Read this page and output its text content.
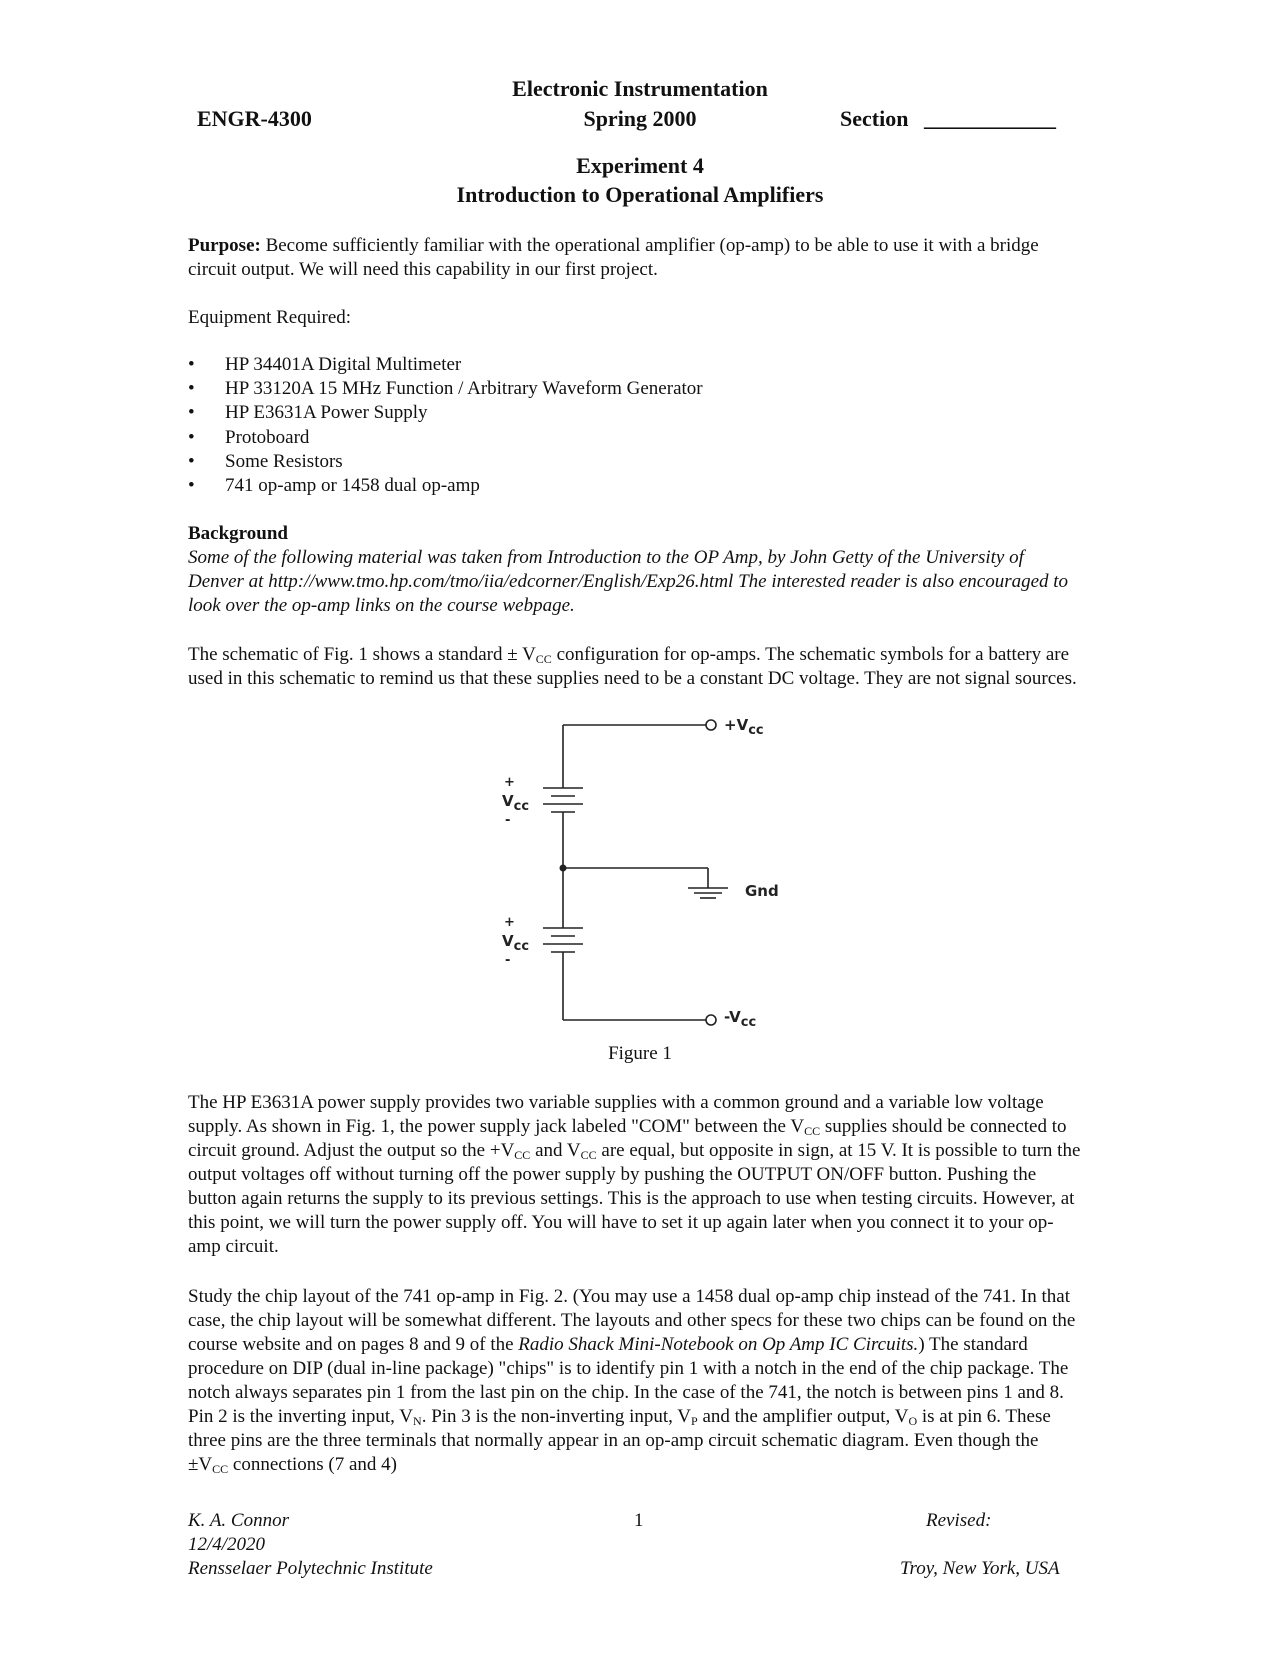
Electronic Instrumentation
ENGR-4300	Spring 2000	Section ____________
Experiment 4
Introduction to Operational Amplifiers
Purpose: Become sufficiently familiar with the operational amplifier (op-amp) to be able to use it with a bridge circuit output. We will need this capability in our first project.
Equipment Required:
• HP 34401A Digital Multimeter
• HP 33120A 15 MHz Function / Arbitrary Waveform Generator
• HP E3631A Power Supply
• Protoboard
• Some Resistors
• 741 op-amp or 1458 dual op-amp
Background
Some of the following material was taken from Introduction to the OP Amp, by John Getty of the University of Denver at http://www.tmo.hp.com/tmo/iia/edcorner/English/Exp26.html The interested reader is also encouraged to look over the op-amp links on the course webpage.
The schematic of Fig. 1 shows a standard ± $V_{CC}$ configuration for op-amps. The schematic symbols for a battery are used in this schematic to remind us that these supplies need to be a constant DC voltage. They are not signal sources.
+Vcc
-Vcc
Gnd
+
Vcc
-
+
Vcc
-
Figure 1
The HP E3631A power supply provides two variable supplies with a common ground and a variable low voltage supply. As shown in Fig. 1, the power supply jack labeled "COM" between the $V_{CC}$ supplies should be connected to circuit ground. Adjust the output so the $+V_{CC}$ and $V_{CC}$ are equal, but opposite in sign, at 15 V. It is possible to turn the output voltages off without turning off the power supply by pushing the OUTPUT ON/OFF button. Pushing the button again returns the supply to its previous settings. This is the approach to use when testing circuits. However, at this point, we will turn the power supply off. You will have to set it up again later when you connect it to your op-amp circuit.
Study the chip layout of the 741 op-amp in Fig. 2. (You may use a 1458 dual op-amp chip instead of the 741. In that case, the chip layout will be somewhat different. The layouts and other specs for these two chips can be found on the course website and on pages 8 and 9 of the Radio Shack Mini-Notebook on Op Amp IC Circuits.) The standard procedure on DIP (dual in-line package) "chips" is to identify pin 1 with a notch in the end of the chip package. The notch always separates pin 1 from the last pin on the chip. In the case of the 741, the notch is between pins 1 and 8. Pin 2 is the inverting input, $V_N$. Pin 3 is the non-inverting input, $V_P$ and the amplifier output, $V_O$ is at pin 6. These three pins are the three terminals that normally appear in an op-amp circuit schematic diagram. Even though the $\pm V_{CC}$ connections (7 and 4)
K. A. Connor	1	Revised:
12/4/2020
Rensselaer Polytechnic Institute	Troy, New York, USA
